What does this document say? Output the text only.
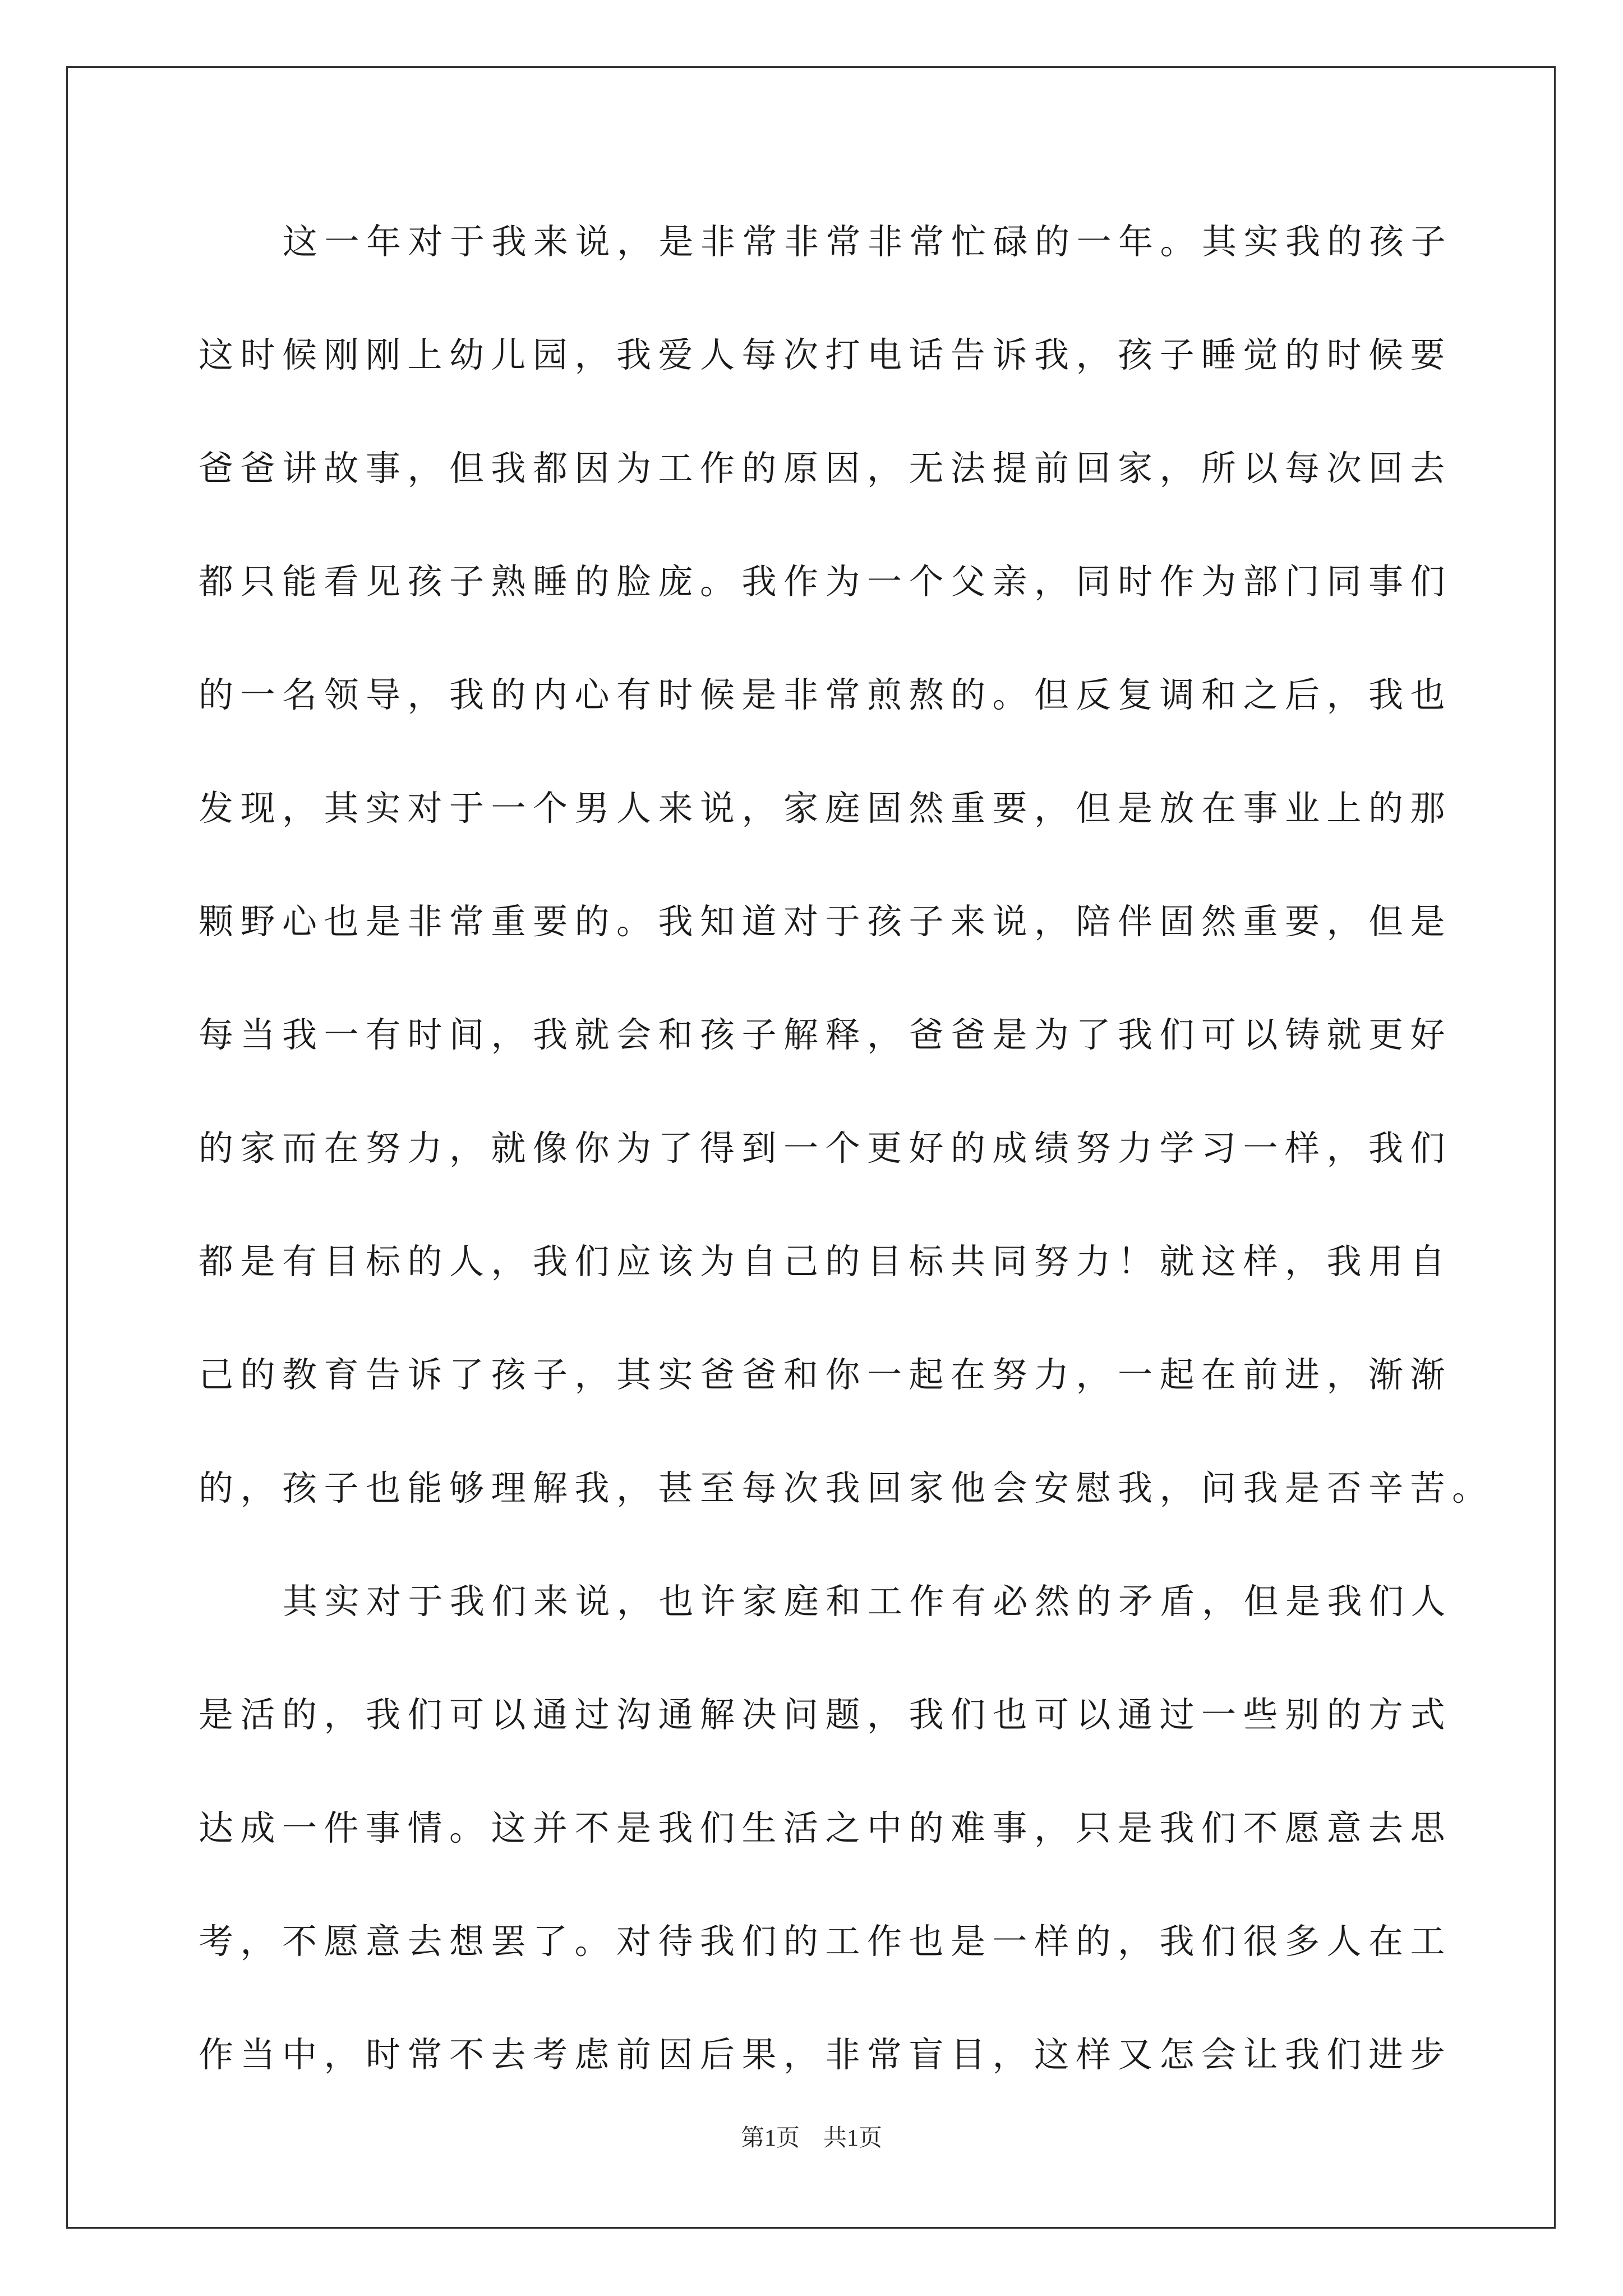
这一年对于我来说，是非常非常非常忙碌的一年。其实我的孩子
这时候刚刚上幼儿园，我爱人每次打电话告诉我，孩子睡觉的时候要
爸爸讲故事，但我都因为工作的原因，无法提前回家，所以每次回去
都只能看见孩子熟睡的脸庞。我作为一个父亲，同时作为部门同事们
的一名领导，我的内心有时候是非常煎熬的。但反复调和之后，我也
发现，其实对于一个男人来说，家庭固然重要，但是放在事业上的那
颗野心也是非常重要的。我知道对于孩子来说，陪伴固然重要，但是
每当我一有时间，我就会和孩子解释，爸爸是为了我们可以铸就更好
的家而在努力，就像你为了得到一个更好的成绩努力学习一样，我们
都是有目标的人，我们应该为自己的目标共同努力！就这样，我用自
己的教育告诉了孩子，其实爸爸和你一起在努力，一起在前进，渐渐
的，孩子也能够理解我，甚至每次我回家他会安慰我，问我是否辛苦。
其实对于我们来说，也许家庭和工作有必然的矛盾，但是我们人
是活的，我们可以通过沟通解决问题，我们也可以通过一些别的方式
达成一件事情。这并不是我们生活之中的难事，只是我们不愿意去思
考，不愿意去想罢了。对待我们的工作也是一样的，我们很多人在工
作当中，时常不去考虑前因后果，非常盲目，这样又怎会让我们进步
第1页 共1页
